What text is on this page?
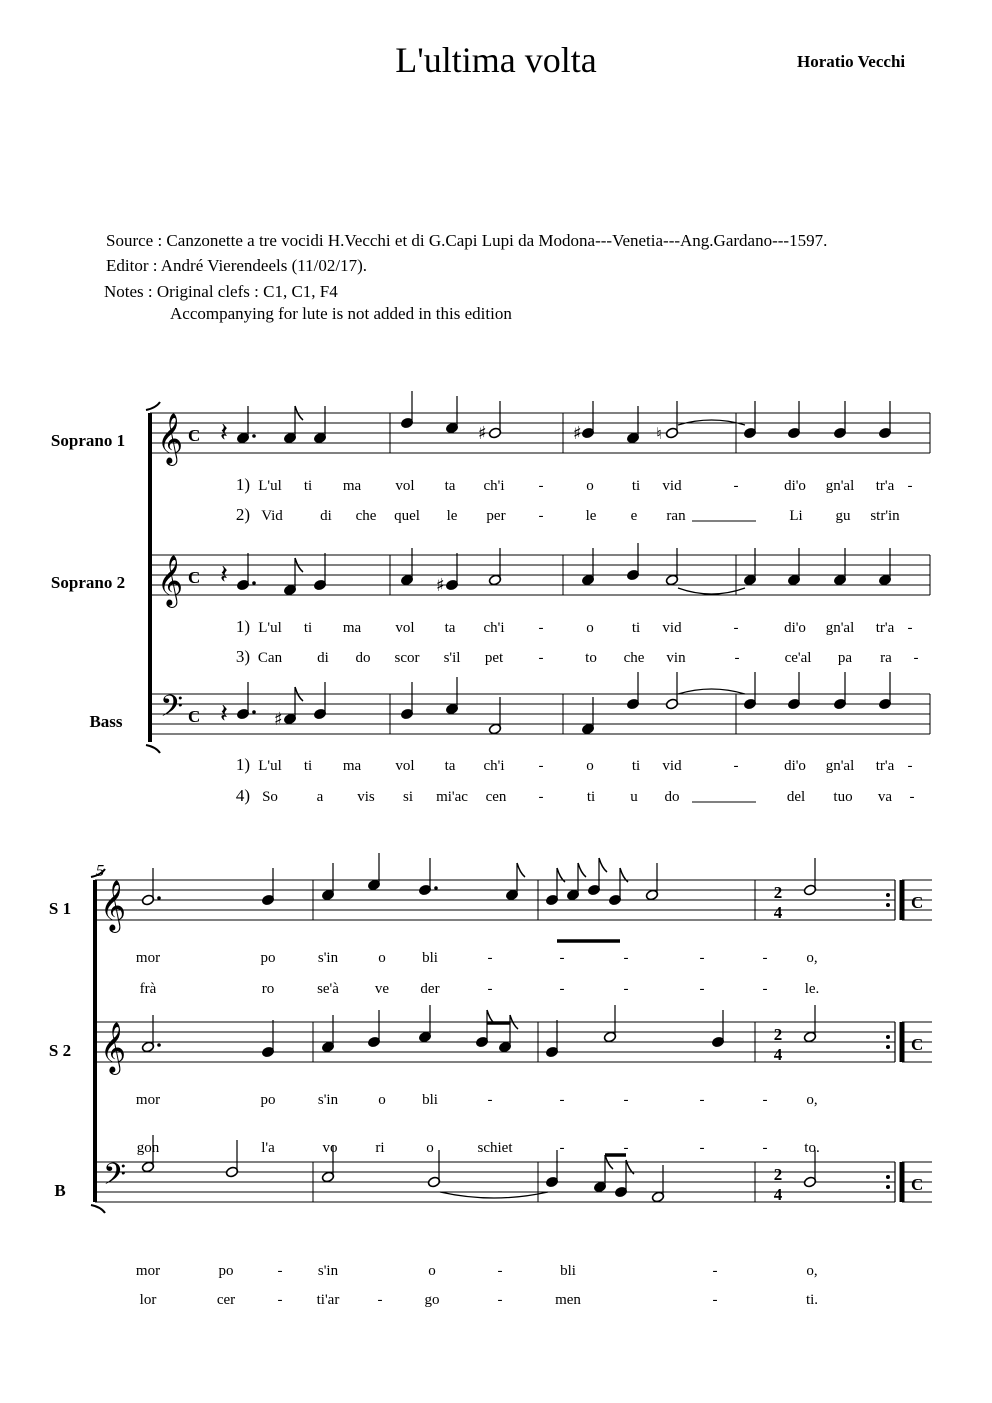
L'ultima volta	Horatio Vecchi
Source : Canzonette a tre vocidi H.Vecchi et di G.Capi Lupi da Modona---Venetia---Ang.Gardano---1597.
Editor : André Vierendeels (11/02/17).
Notes : Original clefs : C1, C1, F4
Accompanying for lute is not added in this edition
Soprano 1 𝄞 C
Soprano 2 𝄞 C
Bass 𝄢 C
𝄽	♯	♯	♮
𝄽	♯
𝄽	♯
1) L'ul ti ma vol ta ch'i -	o	ti vid	-	di'o gn'al tr'a -
2) Vid di che quel le per -	le e ran	Li gu str'in
1) L'ul ti ma vol ta ch'i -	o	ti vid	-	di'o gn'al tr'a -
3) Can di do scor s'il pet -	to che vin	-	ce'al pa ra -
1) L'ul ti ma vol ta ch'i -	o	ti vid	-	di'o gn'al tr'a -
4) So	a vis si mi'ac cen -	ti u do	del tuo va -
5
S 1 𝄞	2
4
C
S 2 𝄞	2
4
C
B 𝄢	2
4
C
mor	po	s'in	o bli	-	-	-	-	-	o,
frà	ro	se'à ve der	-	-	-	-	- le.
mor	po	s'in	o bli	-	-	-	-	-	o,
gon	l'a	vo	ri	o	schiet	-	-	-	- to.
mor	po	- s'in	o	-	bli	-	o,
lor	cer	- ti'ar	-	go	-	men	-	ti.
